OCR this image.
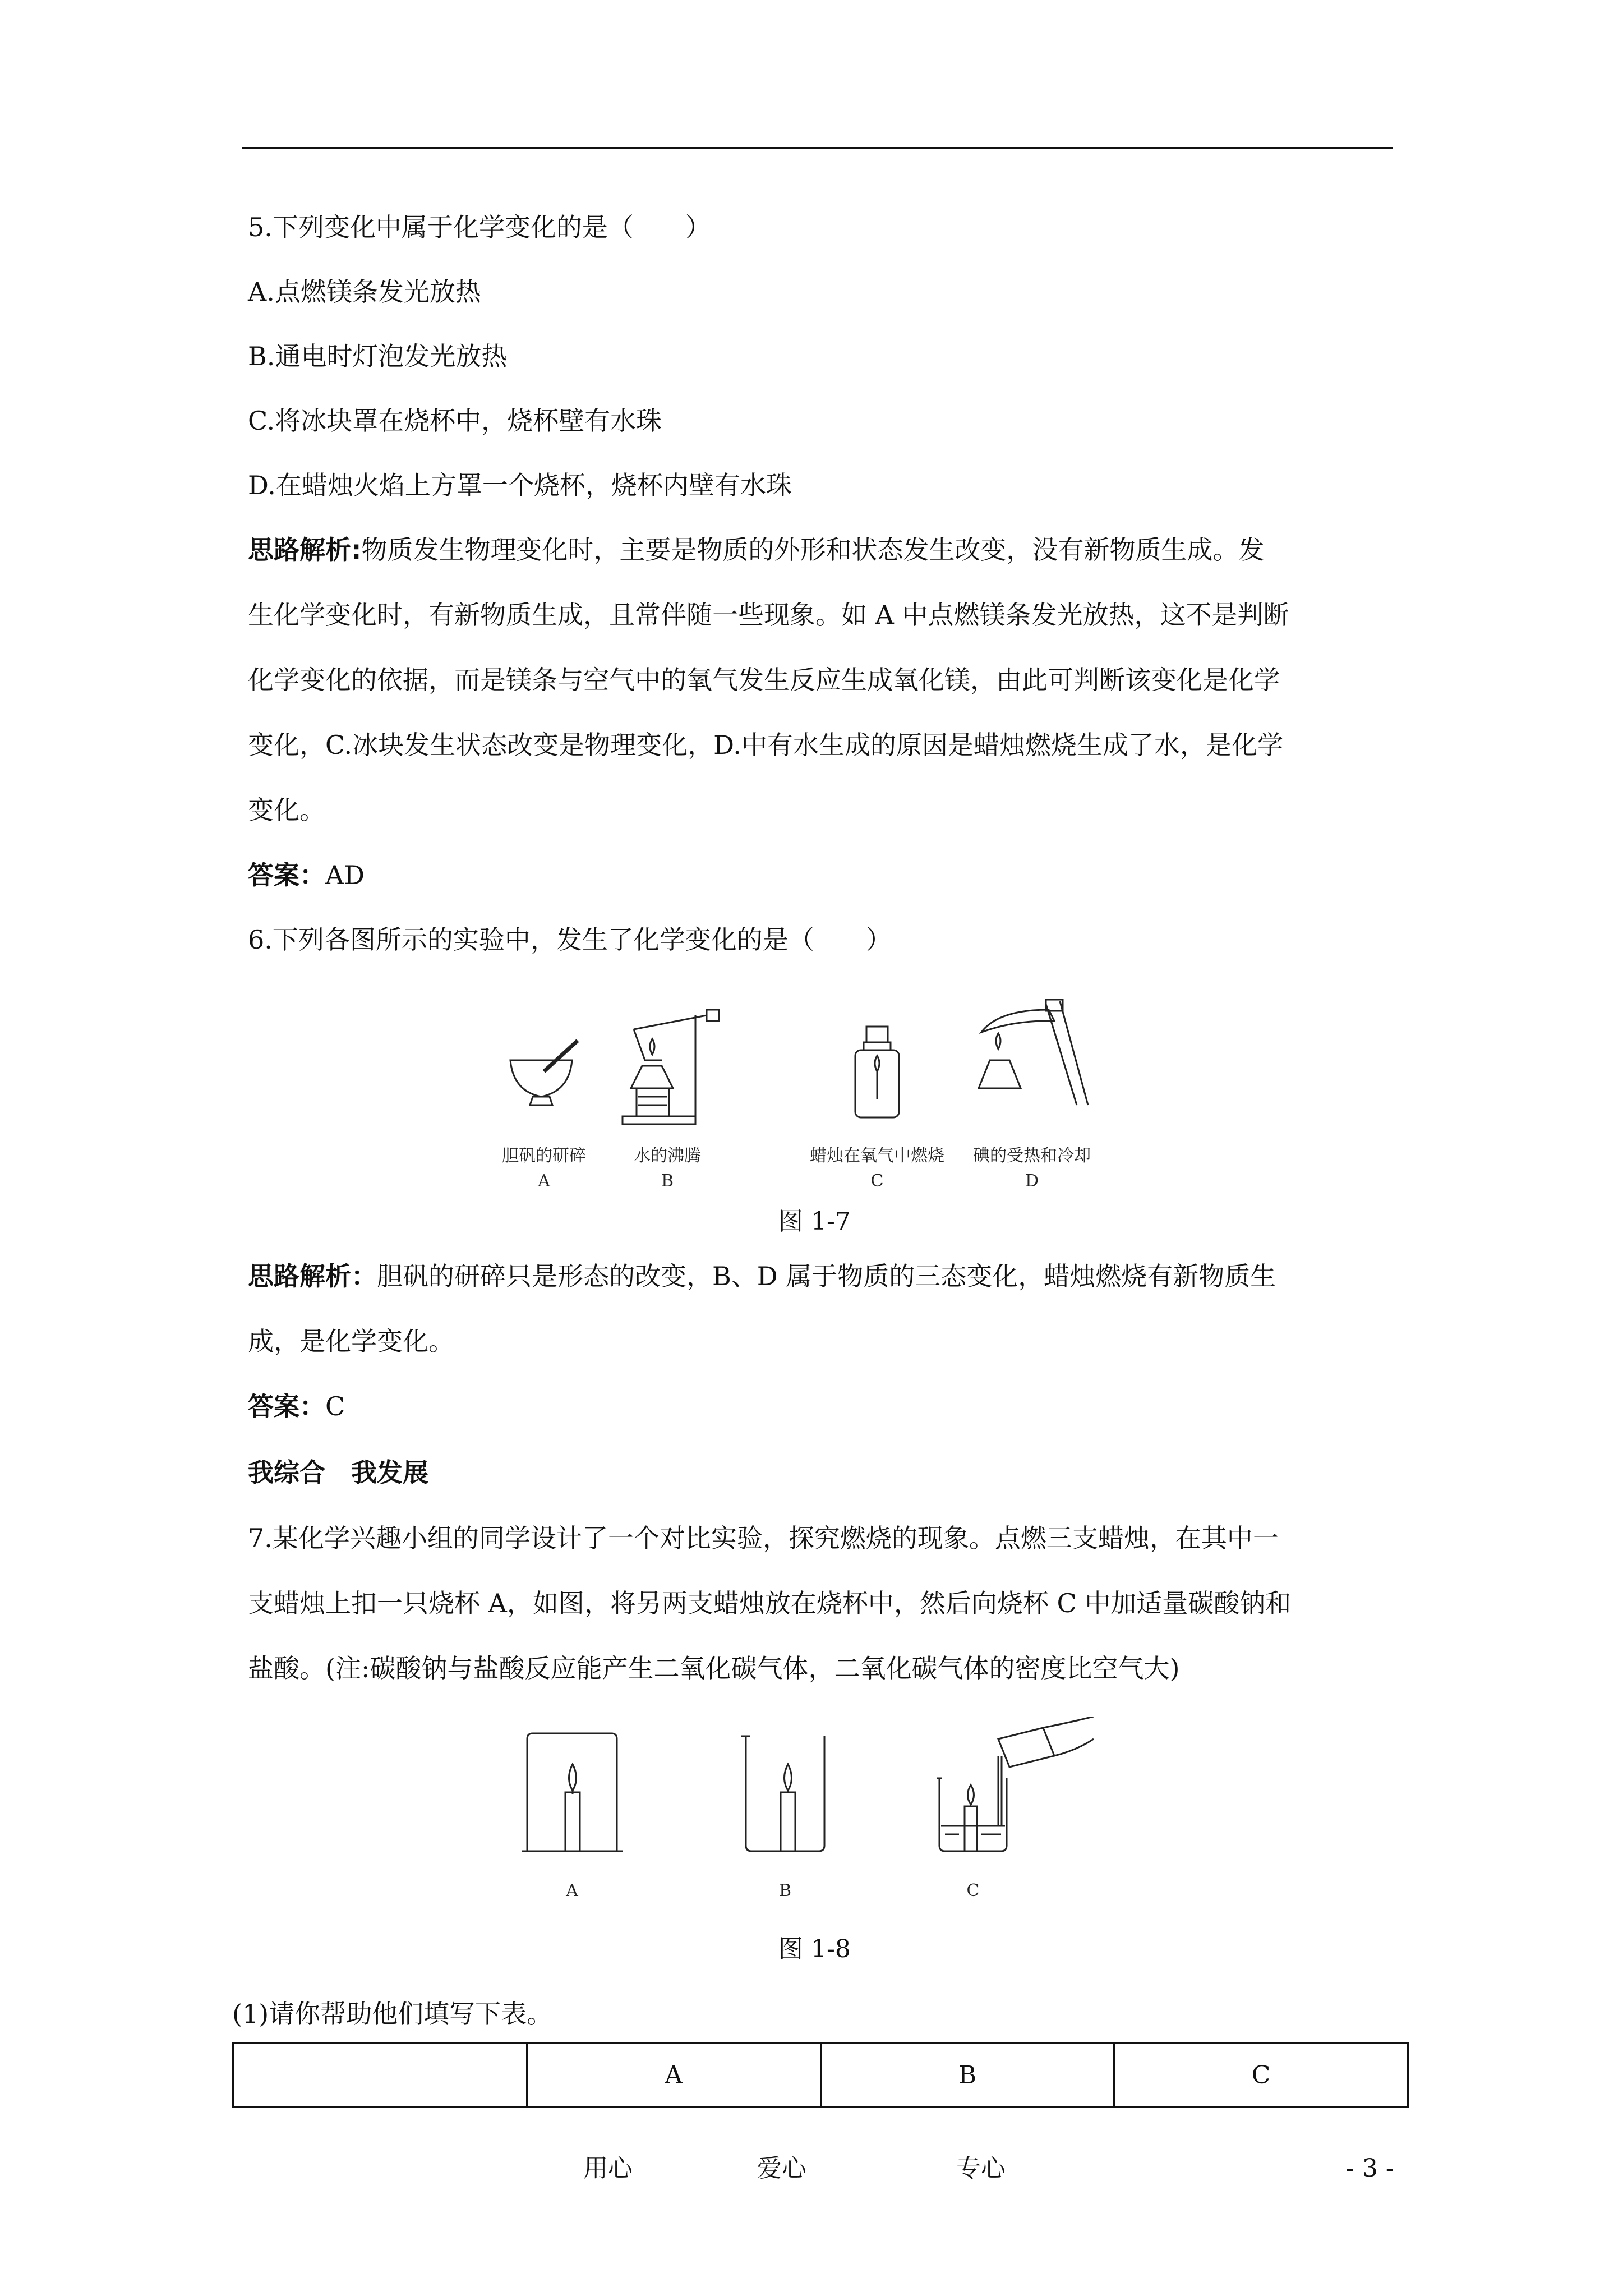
5.下列变化中属于化学变化的是（　　）
A.点燃镁条发光放热
B.通电时灯泡发光放热
C.将冰块罩在烧杯中，烧杯壁有水珠
D.在蜡烛火焰上方罩一个烧杯，烧杯内壁有水珠
思路解析:物质发生物理变化时，主要是物质的外形和状态发生改变，没有新物质生成。发
生化学变化时，有新物质生成，且常伴随一些现象。如 A 中点燃镁条发光放热，这不是判断
化学变化的依据，而是镁条与空气中的氧气发生反应生成氧化镁，由此可判断该变化是化学
变化，C.冰块发生状态改变是物理变化，D.中有水生成的原因是蜡烛燃烧生成了水，是化学
变化。
答案：AD
6.下列各图所示的实验中，发生了化学变化的是（　　）
胆矾的研碎
A
水的沸腾
B
蜡烛在氧气中燃烧
C
碘的受热和冷却
D
图 1-7
思路解析：胆矾的研碎只是形态的改变，B、D 属于物质的三态变化，蜡烛燃烧有新物质生
成，是化学变化。
答案：C
我综合　我发展
7.某化学兴趣小组的同学设计了一个对比实验，探究燃烧的现象。点燃三支蜡烛，在其中一
支蜡烛上扣一只烧杯 A，如图，将另两支蜡烛放在烧杯中，然后向烧杯 C 中加适量碳酸钠和
盐酸。(注:碳酸钠与盐酸反应能产生二氧化碳气体，二氧化碳气体的密度比空气大)
A	B	C
图 1-8
(1)请你帮助他们填写下表。
	A	B	C
用心	爱心	专心	- 3 -
